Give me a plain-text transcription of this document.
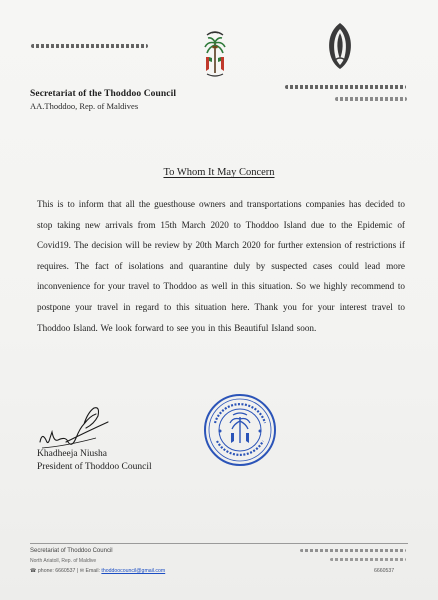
Secretariat of the Thoddoo Council
AA.Thoddoo, Rep. of Maldives
To Whom It May Concern

This is to inform that all the guesthouse owners and transportations companies has decided to stop taking new arrivals from 15th March 2020 to Thoddoo Island due to the Epidemic of Covid19. The decision will be review by 20th March 2020 for further extension of restrictions if requires. The fact of isolations and quarantine duly by suspected cases could lead more inconvenience for your travel to Thoddoo as well in this situation. So we highly recommend to postpone your travel in regard to this situation here. Thank you for your interest travel to Thoddoo Island. We look forward to see you in this Beautiful Island soon.

Khadheeja Niusha
President of Thoddoo Council
Secretariat of Thoddoo Council
North Ariatoll, Rep. of Maldive
☎ phone: 6660537 | ✉ Email: thoddoocouncil@gmail.com	6660537
